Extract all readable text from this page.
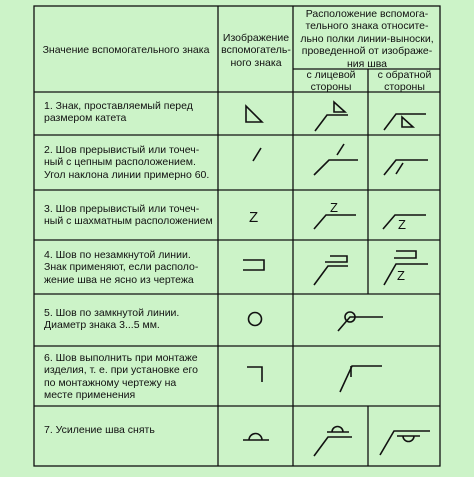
Z
Z
Z
Z
Значение вспомогательного знака
Изображение
вспомогатель-
ного знака
Расположение вспомога-
тельного знака относите-
льно полки линии-выноски,
проведенной от изображе-
ния шва
с лицевой
стороны
с обратной
стороны
1. Знак, проставляемый перед
размером катета
2. Шов прерывистый или точеч-
ный с цепным расположением.
Угол наклона линии примерно 60.
3. Шов прерывистый или точеч-
ный с шахматным расположением
4. Шов по незамкнутой линии.
Знак применяют, если располо-
жение шва не ясно из чертежа
5. Шов по замкнутой линии.
Диаметр знака 3...5 мм.
6. Шов выполнить при монтаже
изделия, т. е. при установке его
по монтажному чертежу на
месте применения
7. Усиление шва снять
